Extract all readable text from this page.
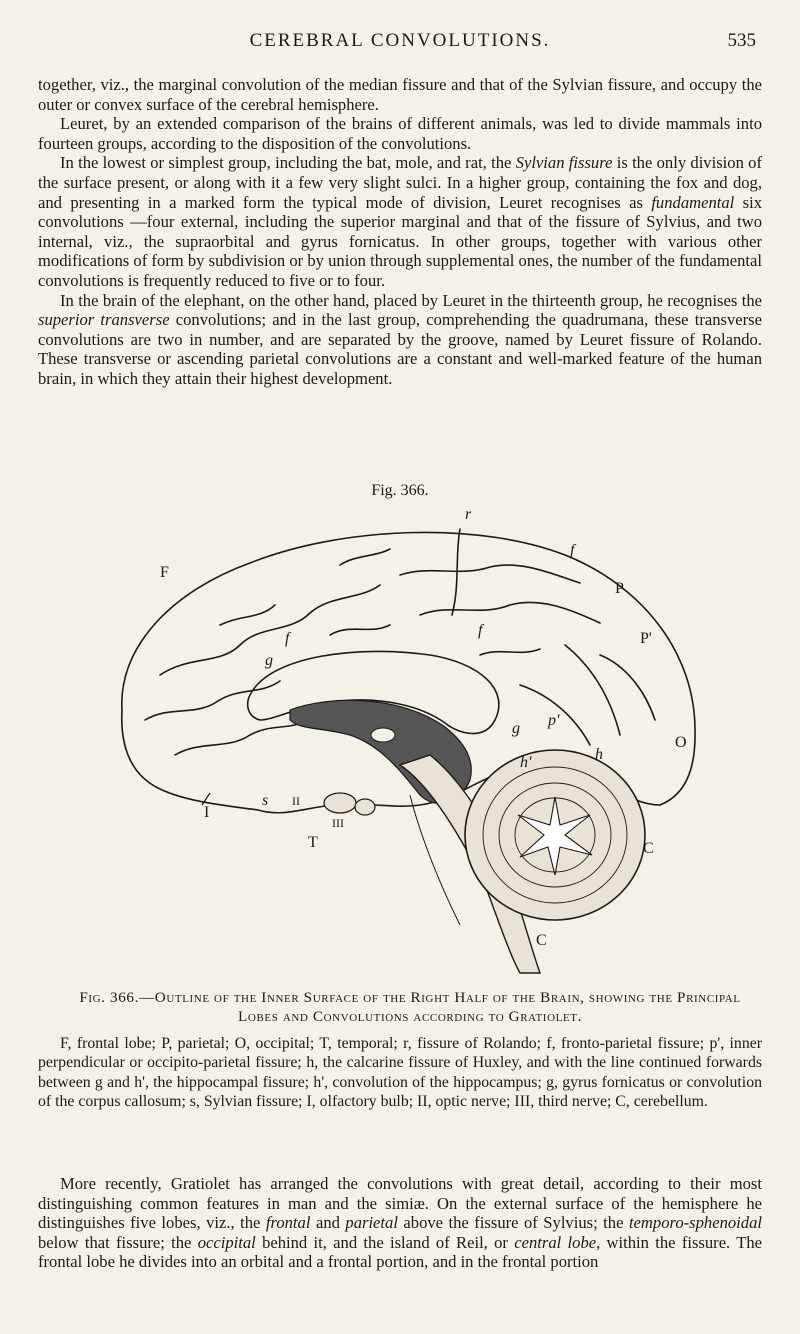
CEREBRAL CONVOLUTIONS.	535

together, viz., the marginal convolution of the median fissure and that of the Sylvian fissure, and occupy the outer or convex surface of the cerebral hemisphere.

Leuret, by an extended comparison of the brains of different animals, was led to divide mammals into fourteen groups, according to the disposition of the convolutions.

In the lowest or simplest group, including the bat, mole, and rat, the Sylvian fissure is the only division of the surface present, or along with it a few very slight sulci. In a higher group, containing the fox and dog, and presenting in a marked form the typical mode of division, Leuret recognises as fundamental six convolutions —four external, including the superior marginal and that of the fissure of Sylvius, and two internal, viz., the supraorbital and gyrus fornicatus. In other groups, together with various other modifications of form by subdivision or by union through supplemental ones, the number of the fundamental convolutions is frequently reduced to five or to four.

In the brain of the elephant, on the other hand, placed by Leuret in the thirteenth group, he recognises the superior transverse convolutions; and in the last group, comprehending the quadrumana, these transverse convolutions are two in number, and are separated by the groove, named by Leuret fissure of Rolando. These transverse or ascending parietal convolutions are a constant and well-marked feature of the human brain, in which they attain their highest development.

Fig. 366.
F
r
f
P
P'
f	f
g
g p'
h'	h
O
I
s II
III
T	C
C
Fig. 366.—Outline of the Inner Surface of the Right Half of the Brain, showing the Principal Lobes and Convolutions according to Gratiolet.

F, frontal lobe; P, parietal; O, occipital; T, temporal; r, fissure of Rolando; f, fronto-parietal fissure; p', inner perpendicular or occipito-parietal fissure; h, the calcarine fissure of Huxley, and with the line continued forwards between g and h', the hippocampal fissure; h', convolution of the hippocampus; g, gyrus fornicatus or convolution of the corpus callosum; s, Sylvian fissure; I, olfactory bulb; II, optic nerve; III, third nerve; C, cerebellum.

More recently, Gratiolet has arranged the convolutions with great detail, according to their most distinguishing common features in man and the simiæ. On the external surface of the hemisphere he distinguishes five lobes, viz., the frontal and parietal above the fissure of Sylvius; the temporo-sphenoidal below that fissure; the occipital behind it, and the island of Reil, or central lobe, within the fissure. The frontal lobe he divides into an orbital and a frontal portion, and in the frontal portion
